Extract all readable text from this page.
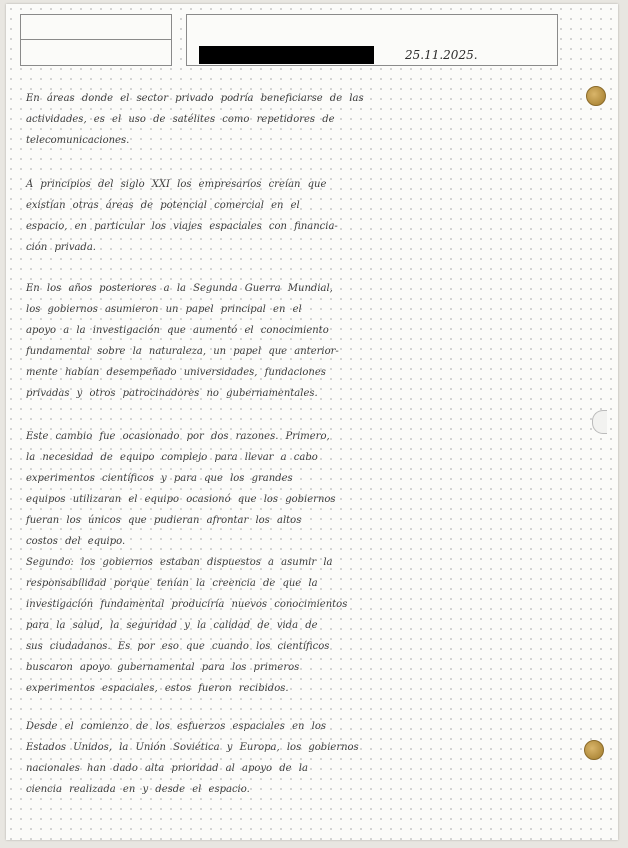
25.11.2025.
En áreas donde el sector privado podría beneficiarse de las
actividades, es el uso de satélites como repetidores de
telecomunicaciones.
A principios del siglo XXI los empresarios creían que
existían otras áreas de potencial comercial en el
espacio, en particular los viajes espaciales con financia-
ción privada.
En los años posteriores a la Segunda Guerra Mundial,
los gobiernos asumieron un papel principal en el
apoyo a la investigación que aumentó el conocimiento
fundamental sobre la naturaleza, un papel que anterior-
mente habían desempeñado universidades, fundaciones
privadas y otros patrocinadores no gubernamentales.
Este cambio fue ocasionado por dos razones. Primero,
la necesidad de equipo complejo para llevar a cabo
experimentos científicos y para que los grandes
equipos utilizaran el equipo ocasionó que los gobiernos
fueran los únicos que pudieran afrontar los altos
costos del equipo.
Segundo: los gobiernos estaban dispuestos a asumir la
responsabilidad porque tenían la creencia de que la
investigación fundamental produciría nuevos conocimientos
para la salud, la seguridad y la calidad de vida de
sus ciudadanos. Es por eso que cuando los científicos
buscaron apoyo gubernamental para los primeros
experimentos espaciales, estos fueron recibidos.
Desde el comienzo de los esfuerzos espaciales en los
Estados Unidos, la Unión Soviética y Europa, los gobiernos
nacionales han dado alta prioridad al apoyo de la
ciencia realizada en y desde el espacio.
